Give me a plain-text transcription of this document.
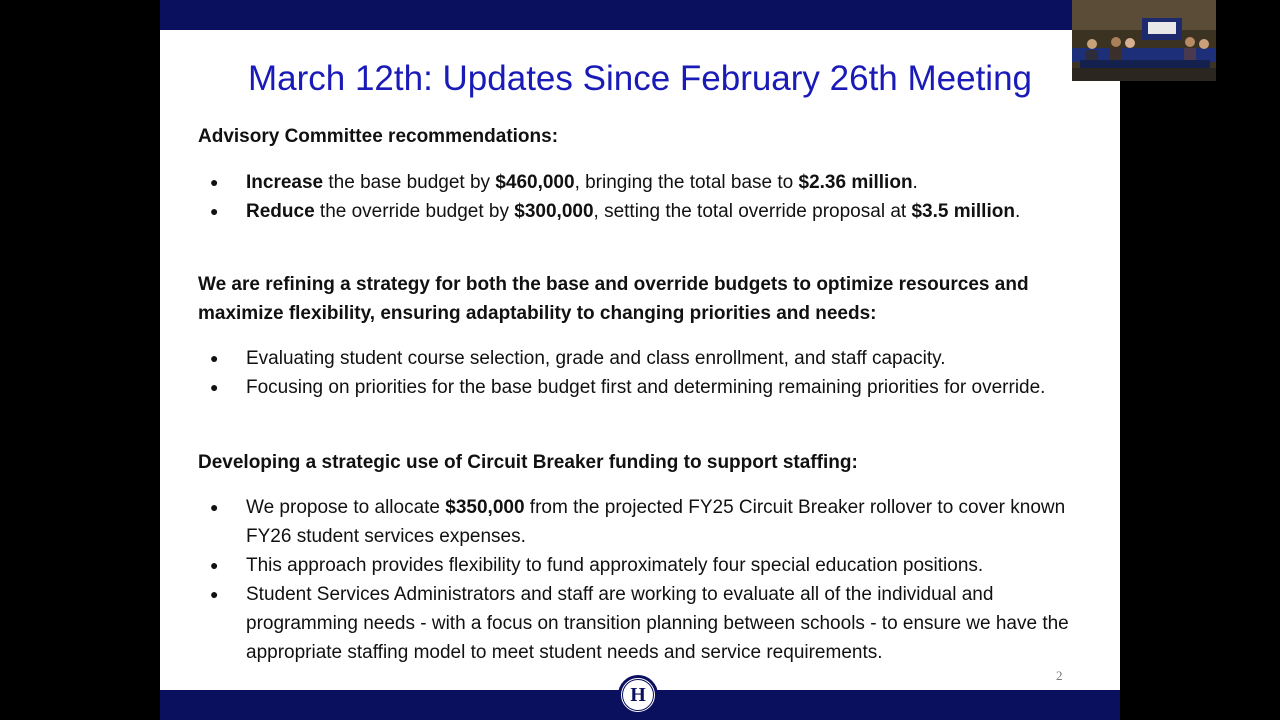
March 12th: Updates Since February 26th Meeting
Advisory Committee recommendations:
● Increase the base budget by $460,000, bringing the total base to $2.36 million.
● Reduce the override budget by $300,000, setting the total override proposal at $3.5 million.
We are refining a strategy for both the base and override budgets to optimize resources and maximize flexibility, ensuring adaptability to changing priorities and needs:
● Evaluating student course selection, grade and class enrollment, and staff capacity.
● Focusing on priorities for the base budget first and determining remaining priorities for override.
Developing a strategic use of Circuit Breaker funding to support staffing:
● We propose to allocate $350,000 from the projected FY25 Circuit Breaker rollover to cover known FY26 student services expenses.
● This approach provides flexibility to fund approximately four special education positions.
● Student Services Administrators and staff are working to evaluate all of the individual and programming needs - with a focus on transition planning between schools - to ensure we have the appropriate staffing model to meet student needs and service requirements.
2
H
